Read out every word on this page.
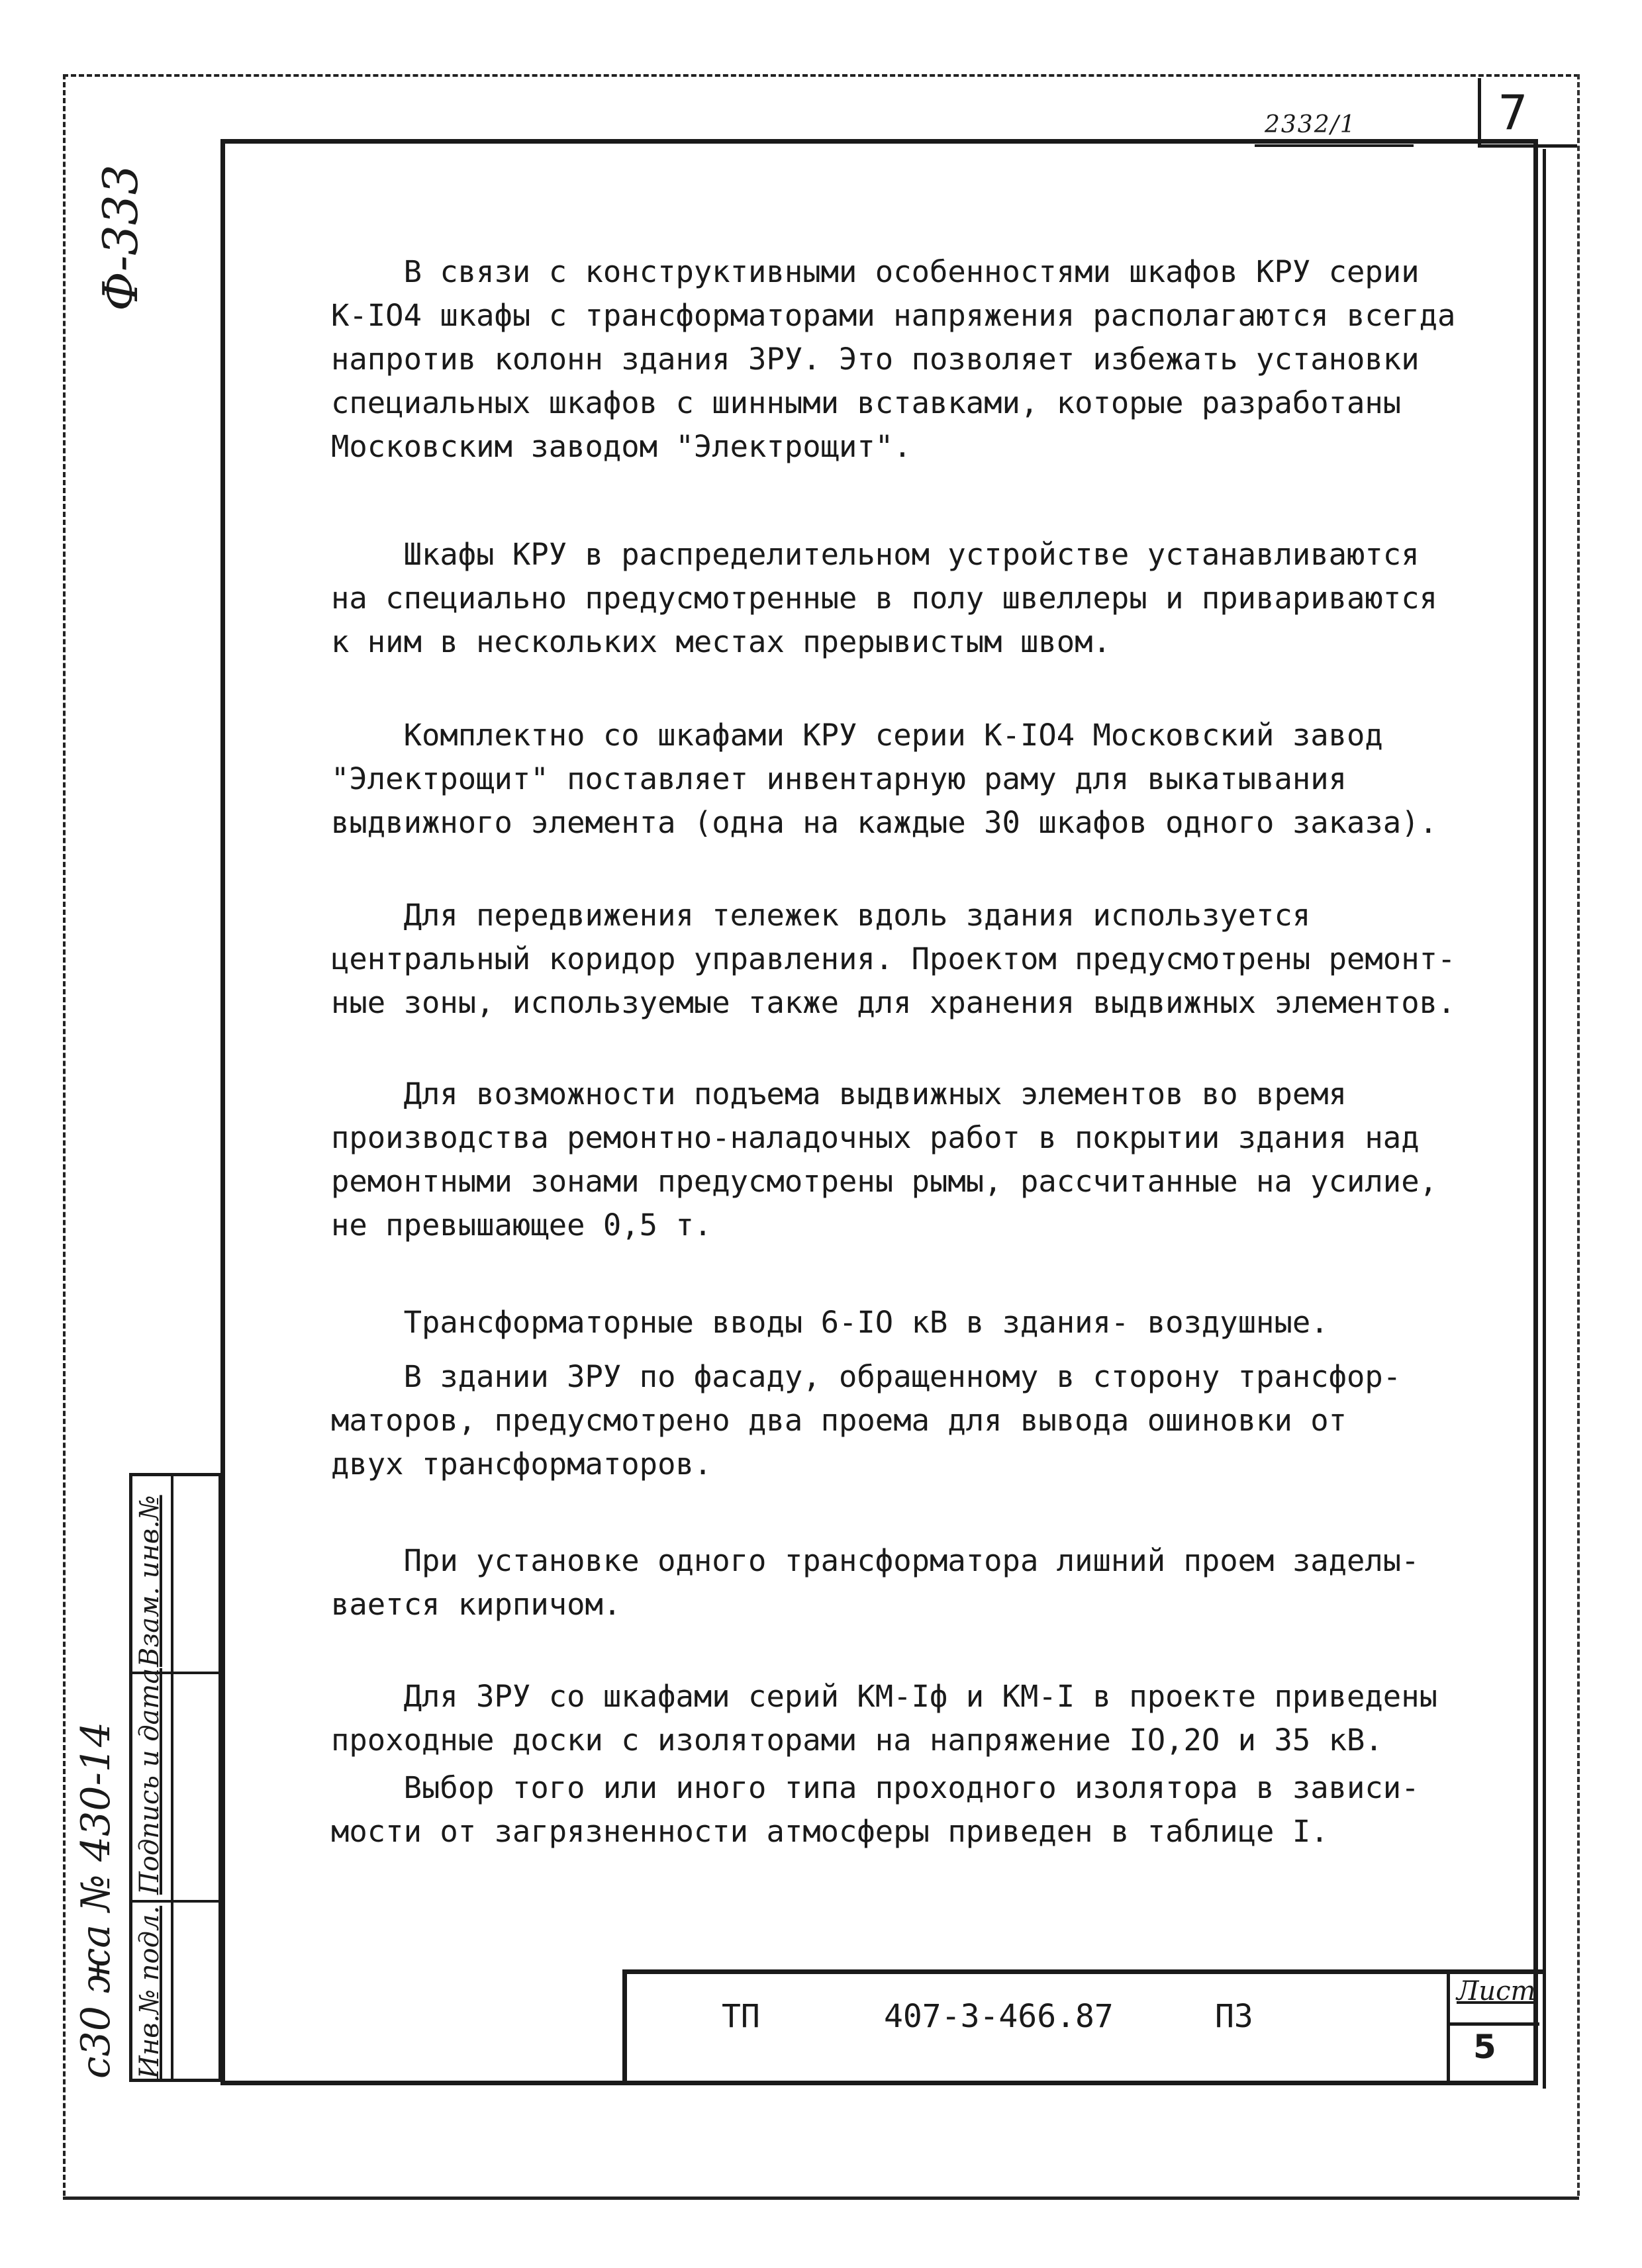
7
2332/1
Ф-333
с30 жа № 430-14 Инв.№ подл.
Подпись и дата
Взам. инв.№
В связи с конструктивными особенностями шкафов КРУ серии
К-IО4 шкафы с трансформаторами напряжения располагаются всегда
напротив колонн здания ЗРУ. Это позволяет избежать установки
специальных шкафов с шинными вставками, которые разработаны
Московским заводом "Электрощит".
Шкафы КРУ в распределительном устройстве устанавливаются
на специально предусмотренные в полу швеллеры и привариваются
к ним в нескольких местах прерывистым швом.
Комплектно со шкафами КРУ серии К-IО4 Московский завод
"Электрощит" поставляет инвентарную раму для выкатывания
выдвижного элемента (одна на каждые 30 шкафов одного заказа).
Для передвижения тележек вдоль здания используется
центральный коридор управления. Проектом предусмотрены ремонт-
ные зоны, используемые также для хранения выдвижных элементов.
Для возможности подъема выдвижных элементов во время
производства ремонтно-наладочных работ в покрытии здания над
ремонтными зонами предусмотрены рымы, рассчитанные на усилие,
не превышающее 0,5 т.
Трансформаторные вводы 6-IО кВ в здания- воздушные.
В здании ЗРУ по фасаду, обращенному в сторону трансфор-
маторов, предусмотрено два проема для вывода ошиновки от
двух трансформаторов.
При установке одного трансформатора лишний проем заделы-
вается кирпичом.
Для ЗРУ со шкафами серий КМ-Iф и КМ-I в проекте приведены
проходные доски с изоляторами на напряжение IО,2О и 35 кВ.
Выбор того или иного типа проходного изолятора в зависи-
мости от загрязненности атмосферы приведен в таблице I.
ТП	407-3-466.87	ПЗ
Лист
5
